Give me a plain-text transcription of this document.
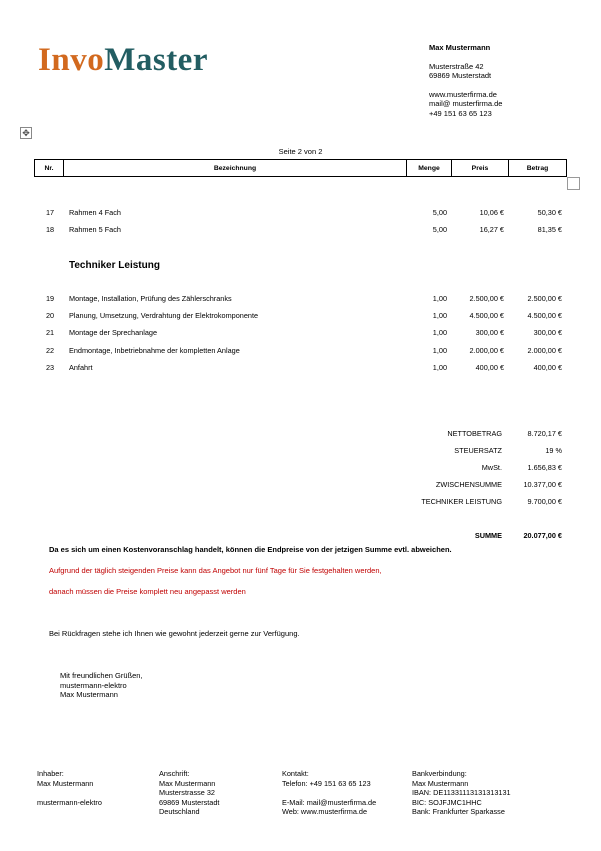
InvoMaster	Max Mustermann
Musterstraße 42
69869 Musterstadt
www.musterfirma.de
mail@ musterfirma.de
+49 151 63 65 123
✥
Seite 2 von 2
Nr.	Bezeichnung	Menge	Preis	Betrag
17 Rahmen 4 Fach	5,00	10,06 €	50,30 €
18 Rahmen 5 Fach	5,00	16,27 €	81,35 €
Techniker Leistung
19 Montage, Installation, Prüfung des Zählerschranks	1,00	2.500,00 €	2.500,00 €
20 Planung, Umsetzung, Verdrahtung der Elektrokomponente	1,00	4.500,00 €	4.500,00 €
21 Montage der Sprechanlage	1,00	300,00 €	300,00 €
22 Endmontage, Inbetriebnahme der kompletten Anlage	1,00	2.000,00 €	2.000,00 €
23 Anfahrt	1,00	400,00 €	400,00 €
NETTOBETRAG	8.720,17 €
STEUERSATZ	19 %
MwSt.	1.656,83 €
ZWISCHENSUMME	10.377,00 €
TECHNIKER LEISTUNG	9.700,00 €
SUMME	20.077,00 €
Da es sich um einen Kostenvoranschlag handelt, können die Endpreise von der jetzigen Summe evtl. abweichen.
Aufgrund der täglich steigenden Preise kann das Angebot nur fünf Tage für Sie festgehalten werden,
danach müssen die Preise komplett neu angepasst werden
Bei Rückfragen stehe ich Ihnen wie gewohnt jederzeit gerne zur Verfügung.
Mit freundlichen Grüßen,
mustermann-elektro
Max Mustermann
Inhaber:
Max Mustermann

mustermann-elektro
Anschrift:
Max Mustermann
Musterstrasse 32
69869 Musterstadt
Deutschland
Kontakt:
Telefon: +49 151 63 65 123

E-Mail: mail@musterfirma.de
Web: www.musterfirma.de
Bankverbindung:
Max Mustermann
IBAN: DE11331113131313131
BIC: SOJFJMC1HHC
Bank: Frankfurter Sparkasse
